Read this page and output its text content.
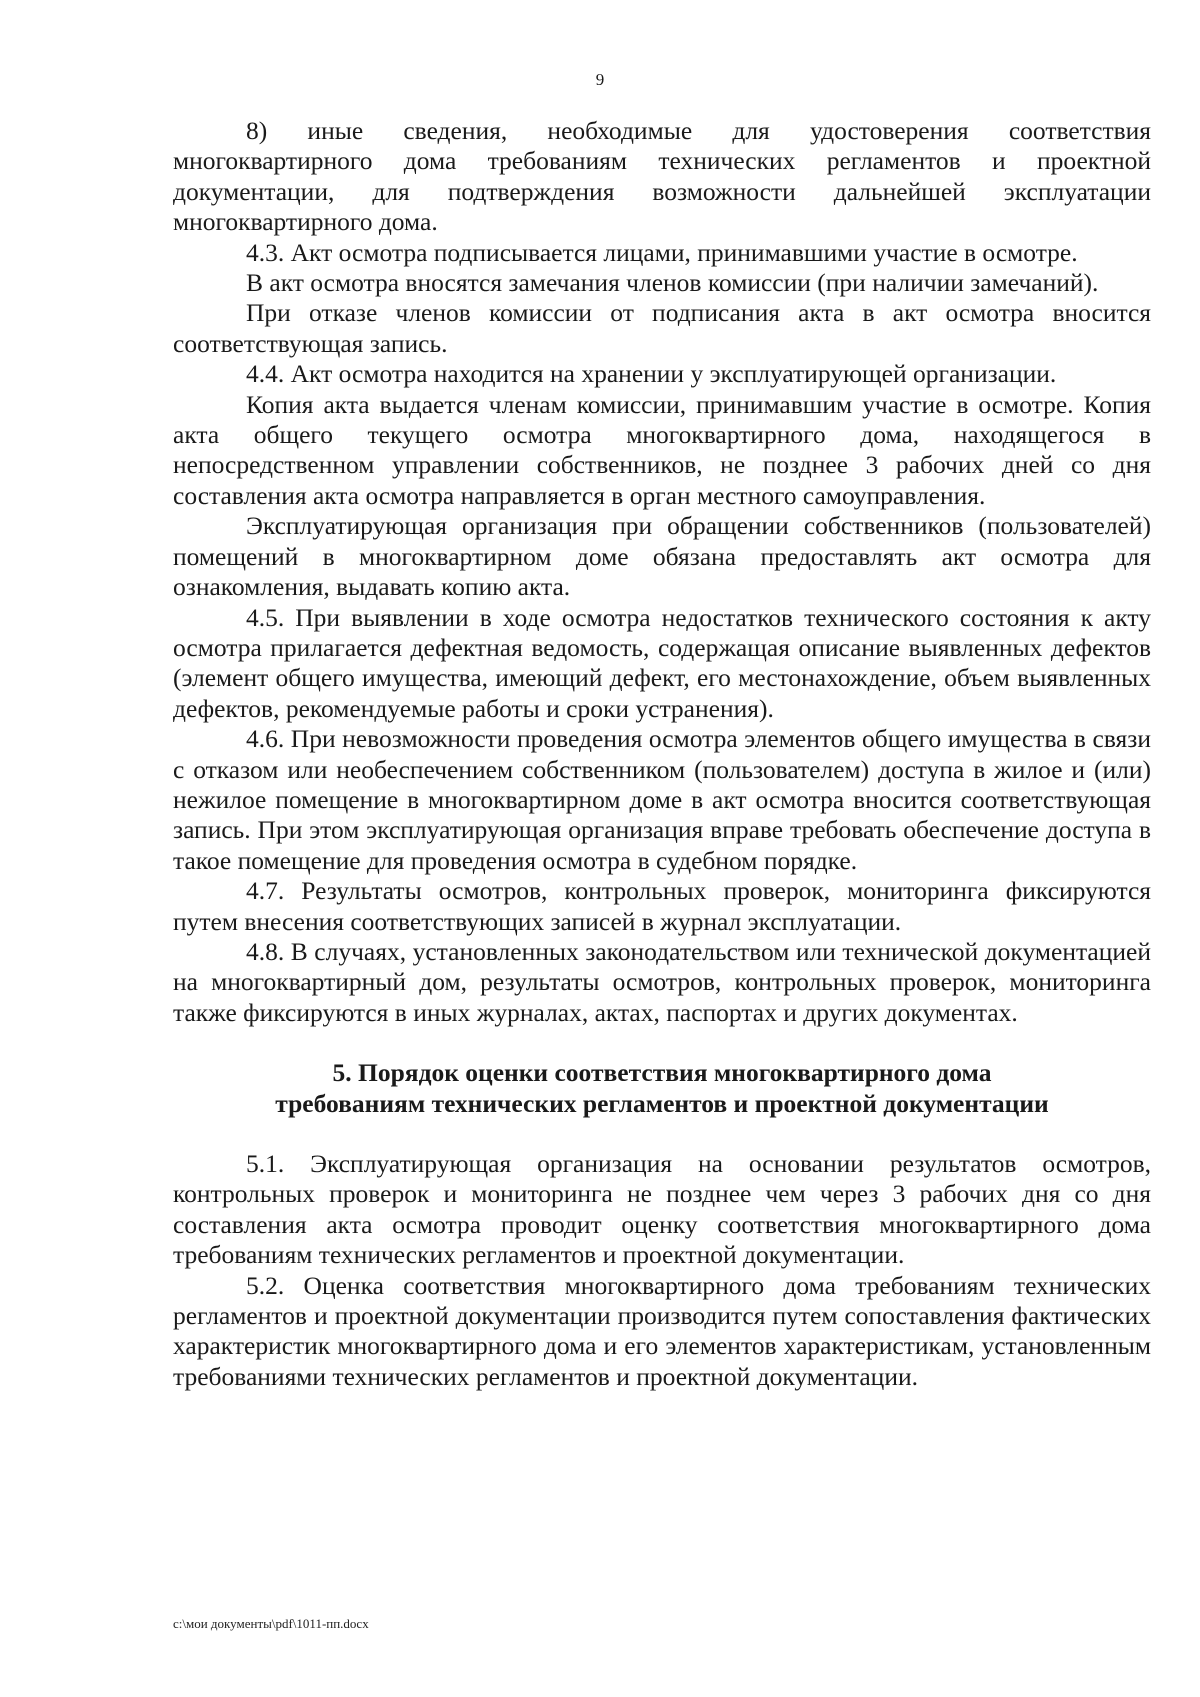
9

8) иные сведения, необходимые для удостоверения соответствия многоквартирного дома требованиям технических регламентов и проектной документации, для подтверждения возможности дальнейшей эксплуатации многоквартирного дома.

4.3. Акт осмотра подписывается лицами, принимавшими участие в осмотре.

В акт осмотра вносятся замечания членов комиссии (при наличии замечаний).

При отказе членов комиссии от подписания акта в акт осмотра вносится соответствующая запись.

4.4. Акт осмотра находится на хранении у эксплуатирующей организации.

Копия акта выдается членам комиссии, принимавшим участие в осмотре. Копия акта общего текущего осмотра многоквартирного дома, находящегося в непосредственном управлении собственников, не позднее 3 рабочих дней со дня составления акта осмотра направляется в орган местного самоуправления.

Эксплуатирующая организация при обращении собственников (пользователей) помещений в многоквартирном доме обязана предоставлять акт осмотра для ознакомления, выдавать копию акта.

4.5. При выявлении в ходе осмотра недостатков технического состояния к акту осмотра прилагается дефектная ведомость, содержащая описание выявленных дефектов (элемент общего имущества, имеющий дефект, его местонахождение, объем выявленных дефектов, рекомендуемые работы и сроки устранения).

4.6. При невозможности проведения осмотра элементов общего имущества в связи с отказом или необеспечением собственником (пользователем) доступа в жилое и (или) нежилое помещение в многоквартирном доме в акт осмотра вносится соответствующая запись. При этом эксплуатирующая организация вправе требовать обеспечение доступа в такое помещение для проведения осмотра в судебном порядке.

4.7. Результаты осмотров, контрольных проверок, мониторинга фиксируются путем внесения соответствующих записей в журнал эксплуатации.

4.8. В случаях, установленных законодательством или технической документацией на многоквартирный дом, результаты осмотров, контрольных проверок, мониторинга также фиксируются в иных журналах, актах, паспортах и других документах.

5. Порядок оценки соответствия многоквартирного дома
требованиям технических регламентов и проектной документации

5.1. Эксплуатирующая организация на основании результатов осмотров, контрольных проверок и мониторинга не позднее чем через 3 рабочих дня со дня составления акта осмотра проводит оценку соответствия многоквартирного дома требованиям технических регламентов и проектной документации.

5.2. Оценка соответствия многоквартирного дома требованиям технических регламентов и проектной документации производится путем сопоставления фактических характеристик многоквартирного дома и его элементов характеристикам, установленным требованиями технических регламентов и проектной документации.

c:\мои документы\pdf\1011-пп.docx
